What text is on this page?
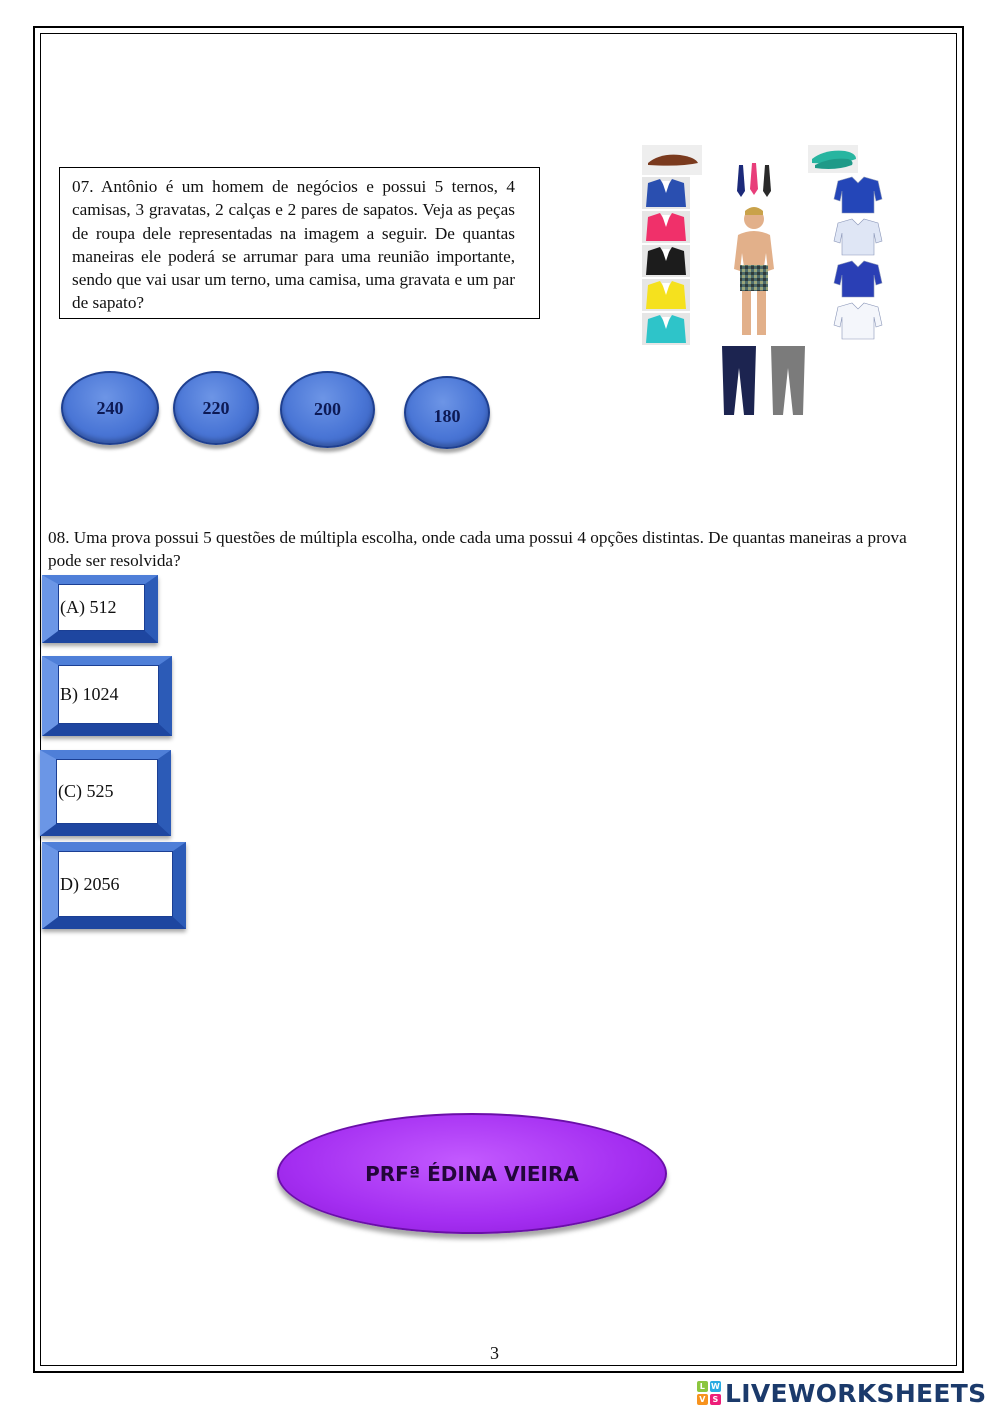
07. Antônio é um homem de negócios e possui 5 ternos, 4 camisas, 3 gravatas, 2 calças e 2 pares de sapatos. Veja as peças de roupa dele representadas na imagem a seguir. De quantas maneiras ele poderá se arrumar para uma reunião importante, sendo que vai usar um terno, uma camisa, uma gravata e um par de sapato?
240	220	200	180
08. Uma prova possui 5 questões de múltipla escolha, onde cada uma possui 4 opções distintas. De quantas maneiras a prova pode ser resolvida?
(A) 512
B) 1024
(C) 525
D) 2056
PRFª ÉDINA VIEIRA
3
L W
V S LIVEWORKSHEETS
